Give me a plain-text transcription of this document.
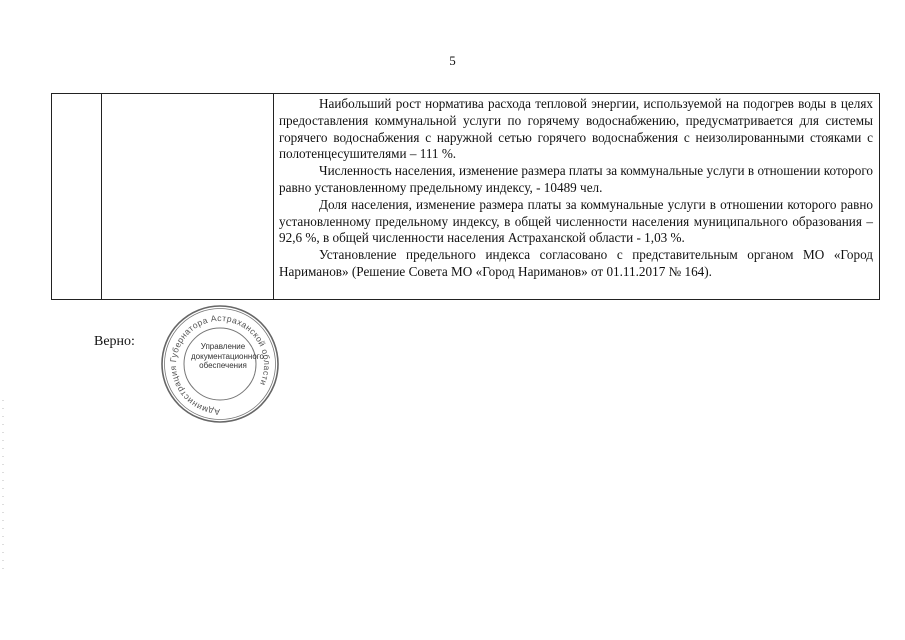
5

Наибольший рост норматива расхода тепловой энергии, используемой на подогрев воды в целях предоставления коммунальной услуги по горячему водоснабжению, предусматривается для системы горячего водоснабжения с наружной сетью горячего водоснабжения с неизолированными стояками с полотенцесушителями – 111 %.

Численность населения, изменение размера платы за коммунальные услуги в отношении которого равно установленному предельному индексу, - 10489 чел.

Доля населения, изменение размера платы за коммунальные услуги в отношении которого равно установленному предельному индексу, в общей численности населения муниципального образования – 92,6 %, в общей численности населения Астраханской области - 1,03 %.

Установление предельного индекса согласовано с представительным органом МО «Город Нариманов» (Решение Совета МО «Город Нариманов» от 01.11.2017 № 164).

Верно:
Администрация Губернатора Астраханской области
Управление
документационного
обеспечения
